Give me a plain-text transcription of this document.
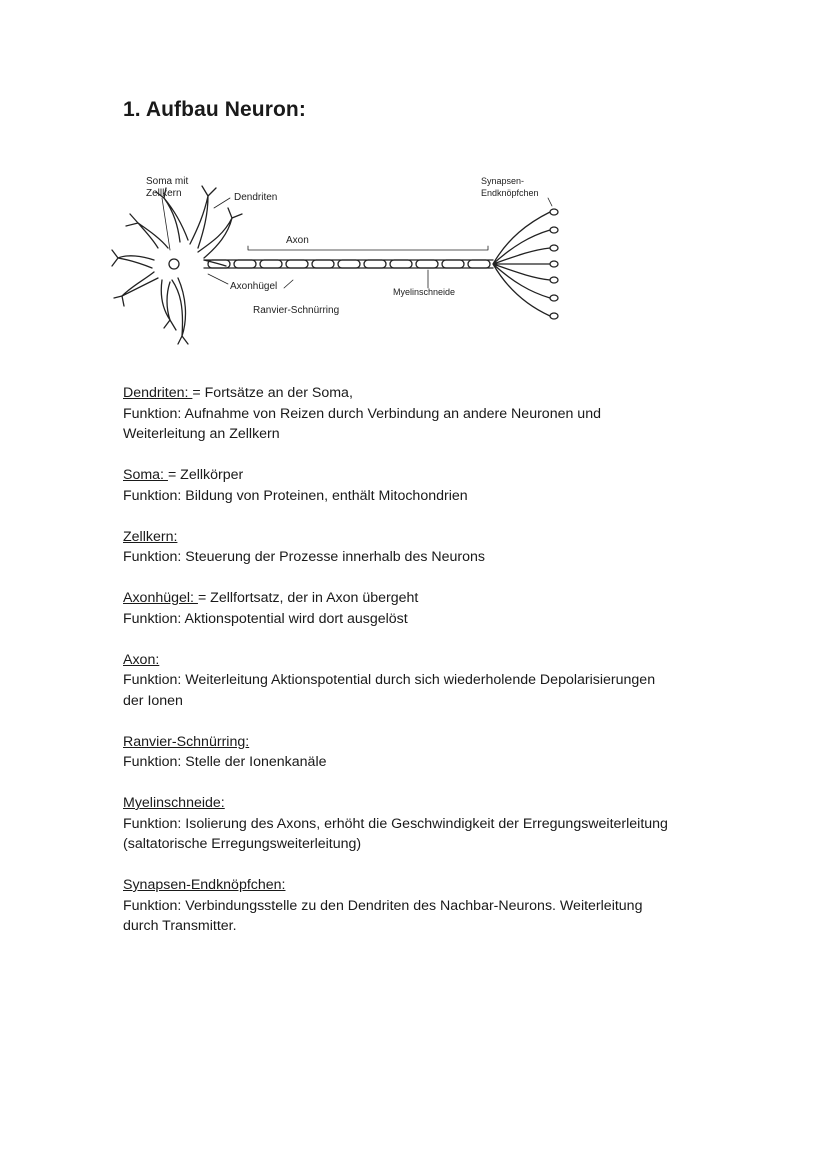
1. Aufbau Neuron:
Soma mit
Zellkern	Dendriten
Axon
Axonhügel
Ranvier-Schnürring
Myelinschneide
Synapsen-
Endknöpfchen
Dendriten: = Fortsätze an der Soma,
Funktion: Aufnahme von Reizen durch Verbindung an andere Neuronen und
Weiterleitung an Zellkern
Soma: = Zellkörper
Funktion: Bildung von Proteinen, enthält Mitochondrien
Zellkern:
Funktion: Steuerung der Prozesse innerhalb des Neurons
Axonhügel: = Zellfortsatz, der in Axon übergeht
Funktion: Aktionspotential wird dort ausgelöst
Axon:
Funktion: Weiterleitung Aktionspotential durch sich wiederholende Depolarisierungen
der Ionen
Ranvier-Schnürring:
Funktion: Stelle der Ionenkanäle
Myelinschneide:
Funktion: Isolierung des Axons, erhöht die Geschwindigkeit der Erregungsweiterleitung
(saltatorische Erregungsweiterleitung)
Synapsen-Endknöpfchen:
Funktion: Verbindungsstelle zu den Dendriten des Nachbar-Neurons. Weiterleitung
durch Transmitter.
